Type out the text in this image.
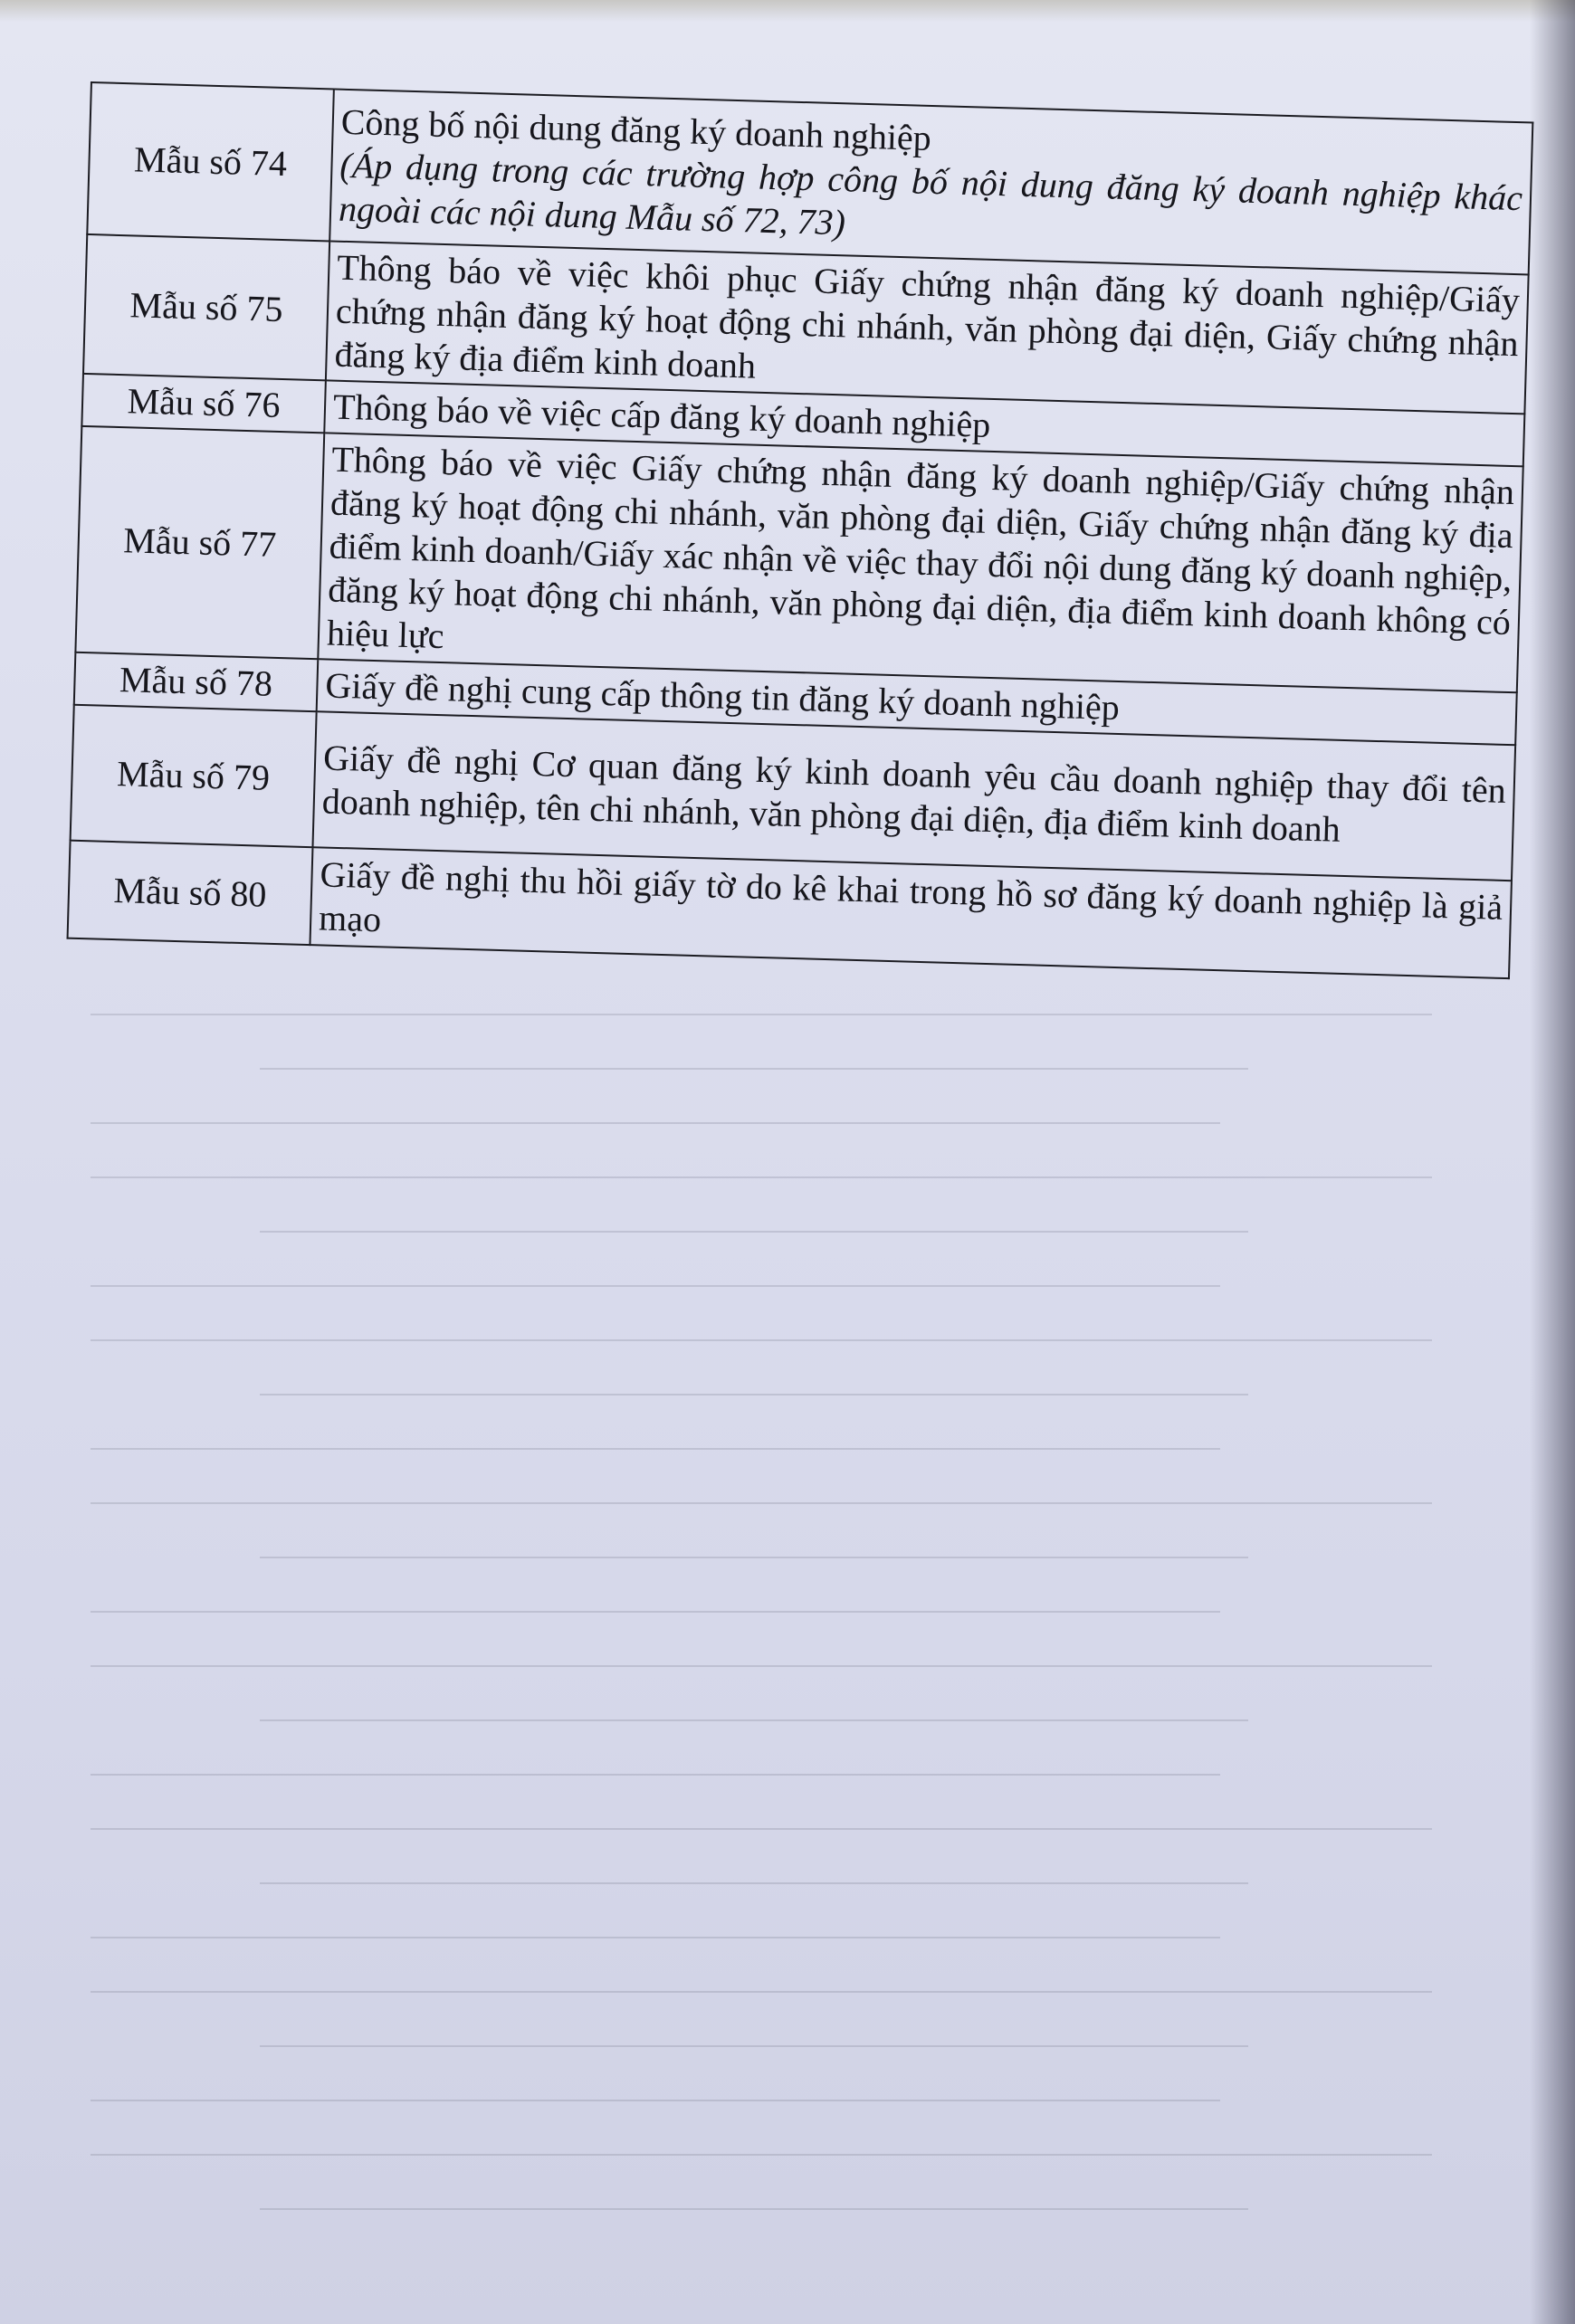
Mẫu số 74	Công bố nội dung đăng ký doanh nghiệp
(Áp dụng trong các trường hợp công bố nội dung đăng ký doanh nghiệp khác ngoài các nội dung Mẫu số 72, 73)

Mẫu số 75	Thông báo về việc khôi phục Giấy chứng nhận đăng ký doanh nghiệp/Giấy chứng nhận đăng ký hoạt động chi nhánh, văn phòng đại diện, Giấy chứng nhận đăng ký địa điểm kinh doanh
Mẫu số 76	Thông báo về việc cấp đăng ký doanh nghiệp
Mẫu số 77	Thông báo về việc Giấy chứng nhận đăng ký doanh nghiệp/Giấy chứng nhận đăng ký hoạt động chi nhánh, văn phòng đại diện, Giấy chứng nhận đăng ký địa điểm kinh doanh/Giấy xác nhận về việc thay đổi nội dung đăng ký doanh nghiệp, đăng ký hoạt động chi nhánh, văn phòng đại diện, địa điểm kinh doanh không có hiệu lực
Mẫu số 78	Giấy đề nghị cung cấp thông tin đăng ký doanh nghiệp
Mẫu số 79	Giấy đề nghị Cơ quan đăng ký kinh doanh yêu cầu doanh nghiệp thay đổi tên doanh nghiệp, tên chi nhánh, văn phòng đại diện, địa điểm kinh doanh
Mẫu số 80	Giấy đề nghị thu hồi giấy tờ do kê khai trong hồ sơ đăng ký doanh nghiệp là giả mạo
